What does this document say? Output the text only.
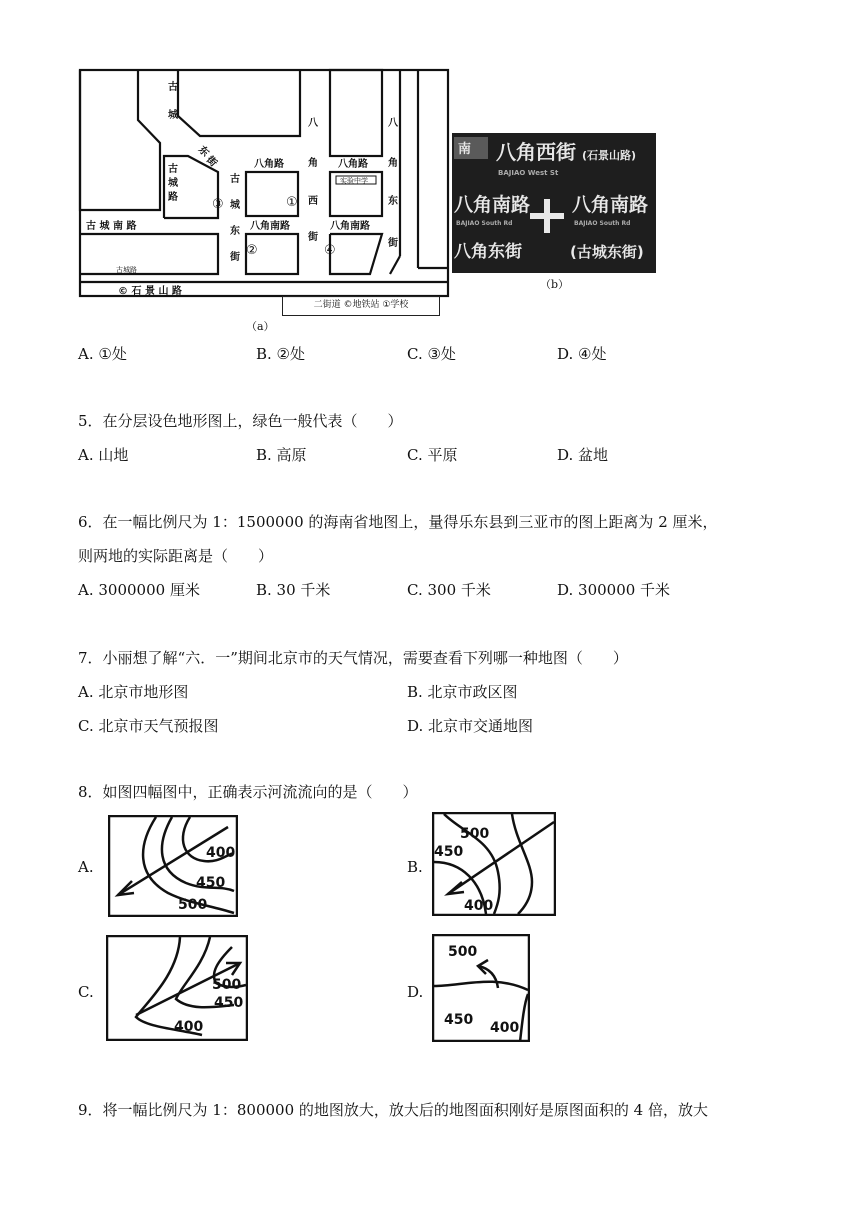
古
城
东
街
古
城
路
八
角
西
街
八
角
东
街
古
城
东
街
八角路	八角路
八角南路	八角南路
古 城 南 路
© 石 景 山 路
古城路
实验中学
①
②
③
④
二街道 ©地铁站 ①学校
（a）
南 八角西街 (石景山路)
BAJIAO West St
八角南路
BAJIAO South Rd
八角南路
BAJIAO South Rd
八角东街	(古城东街)
（b）
A. ①处	B. ②处	C. ③处	D. ④处
5．在分层设色地形图上，绿色一般代表（　　）
A. 山地	B. 高原	C. 平原	D. 盆地
6．在一幅比例尺为 1：1500000 的海南省地图上，量得乐东县到三亚市的图上距离为 2 厘米，
则两地的实际距离是（　　）
A. 3000000 厘米	B. 30 千米	C. 300 千米	D. 300000 千米
7．小丽想了解“六．一”期间北京市的天气情况，需要查看下列哪一种地图（　　）
A. 北京市地形图	B. 北京市政区图
C. 北京市天气预报图	D. 北京市交通地图
8．如图四幅图中，正确表示河流流向的是（　　）
A.
400
450
500
B.
500
450
400
C.	500
450
400
D.
500
450 400
9．将一幅比例尺为 1：800000 的地图放大，放大后的地图面积刚好是原图面积的 4 倍，放大
